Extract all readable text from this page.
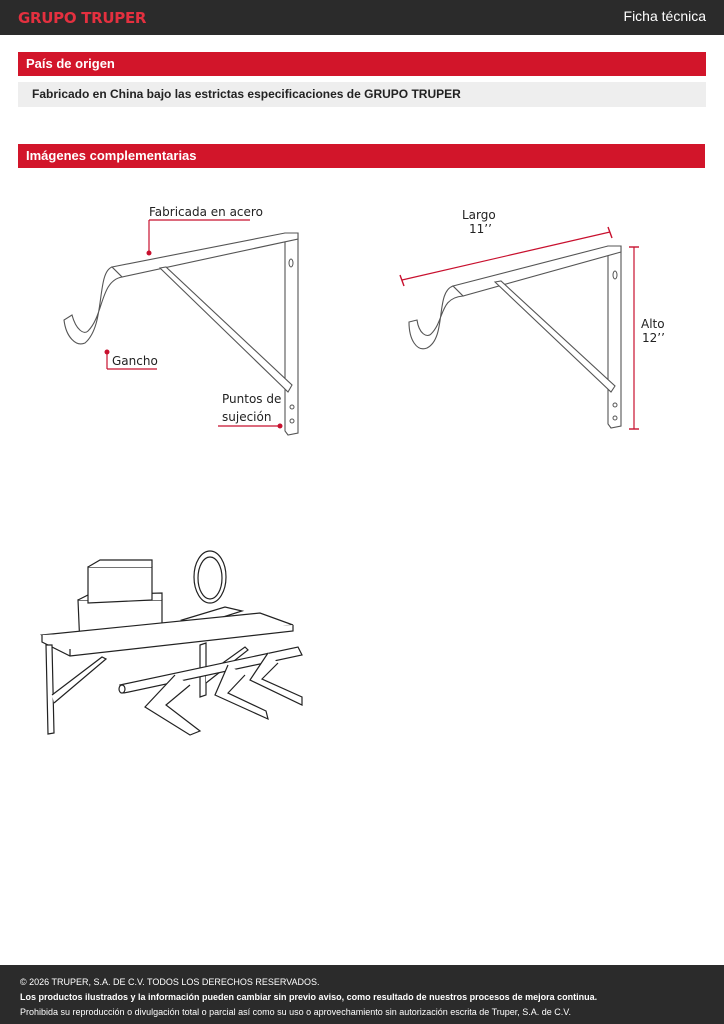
GRUPO TRUPER	Ficha técnica
País de origen
Fabricado en China bajo las estrictas especificaciones de GRUPO TRUPER
Imágenes complementarias
Fabricada en acero
Gancho
Puntos de
sujeción
Largo
11’’
Alto
12’’
© 2026 TRUPER, S.A. DE C.V. TODOS LOS DERECHOS RESERVADOS.
Los productos ilustrados y la información pueden cambiar sin previo aviso, como resultado de nuestros procesos de mejora continua.
Prohibida su reproducción o divulgación total o parcial así como su uso o aprovechamiento sin autorización escrita de Truper, S.A. de C.V.
